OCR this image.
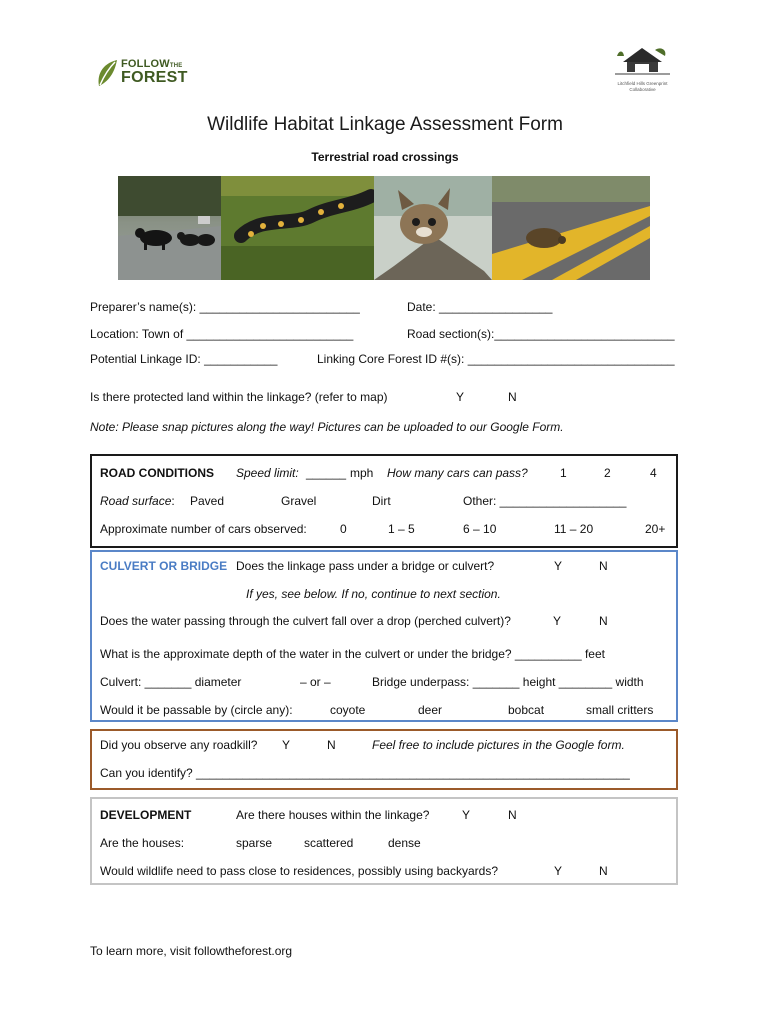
FOLLOWTHE
FOREST	Litchfield Hills Greenprint Collaborative
Wildlife Habitat Linkage Assessment Form
Terrestrial road crossings
Preparer’s name(s): ________________________	Date: _________________
Location: Town of _________________________	Road section(s):___________________________
Potential Linkage ID: ___________	Linking Core Forest ID #(s): _______________________________
Is there protected land within the linkage? (refer to map)	Y	N
Note: Please snap pictures along the way! Pictures can be uploaded to our Google Form.
ROAD CONDITIONS Speed limit: ______ mph How many cars can pass?	1	2	4
Road surface: Paved	Gravel	Dirt	Other: ___________________
Approximate number of cars observed:	0	1 – 5	6 – 10	11 – 20	20+
CULVERT OR BRIDGE Does the linkage pass under a bridge or culvert?	Y	N
If yes, see below. If no, continue to next section.
Does the water passing through the culvert fall over a drop (perched culvert)?	Y	N
What is the approximate depth of the water in the culvert or under the bridge? __________ feet
Culvert: _______ diameter	– or –	Bridge underpass: _______ height ________ width
Would it be passable by (circle any):	coyote	deer	bobcat	small critters
Did you observe any roadkill? Y	N	Feel free to include pictures in the Google form.
Can you identify? _________________________________________________________________
DEVELOPMENT	Are there houses within the linkage?	Y	N
Are the houses:	sparse	scattered	dense
Would wildlife need to pass close to residences, possibly using backyards?	Y	N
To learn more, visit followtheforest.org
